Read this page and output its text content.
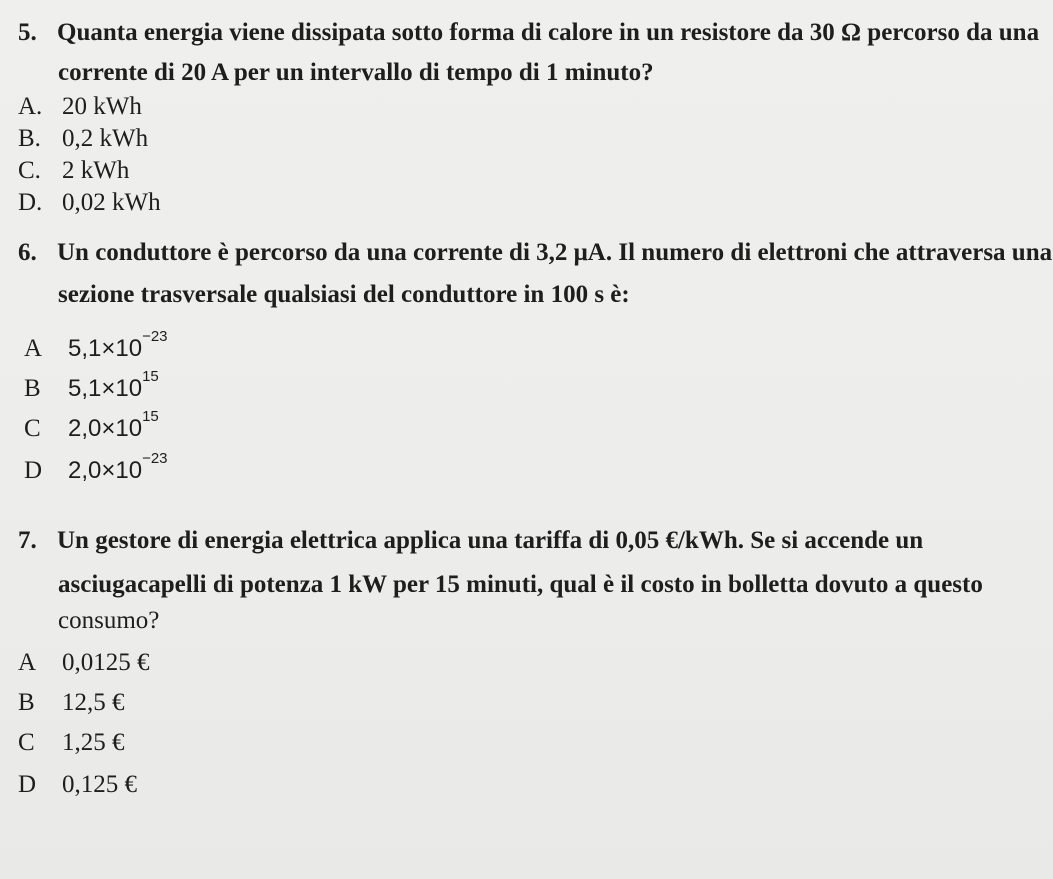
5. Quanta energia viene dissipata sotto forma di calore in un resistore da 30 Ω percorso da una
corrente di 20 A per un intervallo di tempo di 1 minuto?
A. 20 kWh
B. 0,2 kWh
C. 2 kWh
D. 0,02 kWh
6. Un conduttore è percorso da una corrente di 3,2 μA. Il numero di elettroni che attraversa una
sezione trasversale qualsiasi del conduttore in 100 s è:
A $5,1\times 10^{-23}$
B $5,1\times 10^{15}$
C $2,0\times 10^{15}$
D $2,0\times 10^{-23}$
7. Un gestore di energia elettrica applica una tariffa di 0,05 €/kWh. Se si accende un
asciugacapelli di potenza 1 kW per 15 minuti, qual è il costo in bolletta dovuto a questo
consumo?
A 0,0125 €
B 12,5 €
C 1,25 €
D 0,125 €
